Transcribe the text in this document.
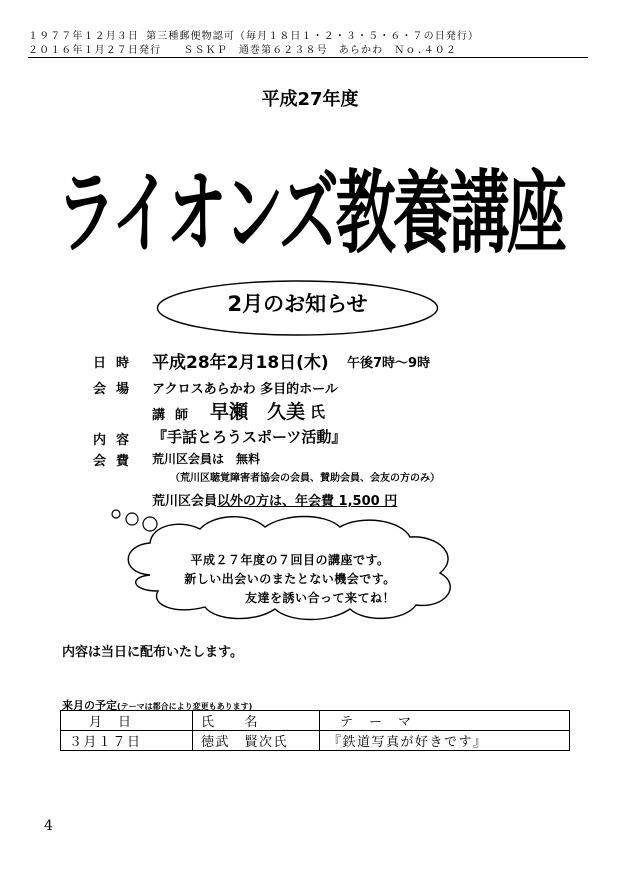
１９７７年１２月３日 第三種郵便物認可（毎月１８日１・２・３・５・６・７の日発行）
２０１６年１月２７日発行　　ＳＳＫＰ　通巻第６２３８号　あらかわ　Ｎｏ.４０２
平成27年度
ライオンズ教養講座
2月のお知らせ
日時 平成28年2月18日(木) 午後7時～9時
会場 アクロスあらかわ 多目的ホール
講師 早瀬　久美 氏
内容 『手話とろうスポーツ活動』
会費 荒川区会員は　無料
（荒川区聴覚障害者協会の会員、賛助会員、会友の方のみ）
荒川区会員以外の方は、年会費 1,500 円
平成２７年度の７回目の講座です。
新しい出会いのまたとない機会です。
友達を誘い合って来てね！
内容は当日に配布いたします。
来月の予定(テーマは都合により変更もあります)
月　日	氏　　名	テ　ー　マ
３月１７日	徳武　賢次氏	『鉄道写真が好きです』
4
